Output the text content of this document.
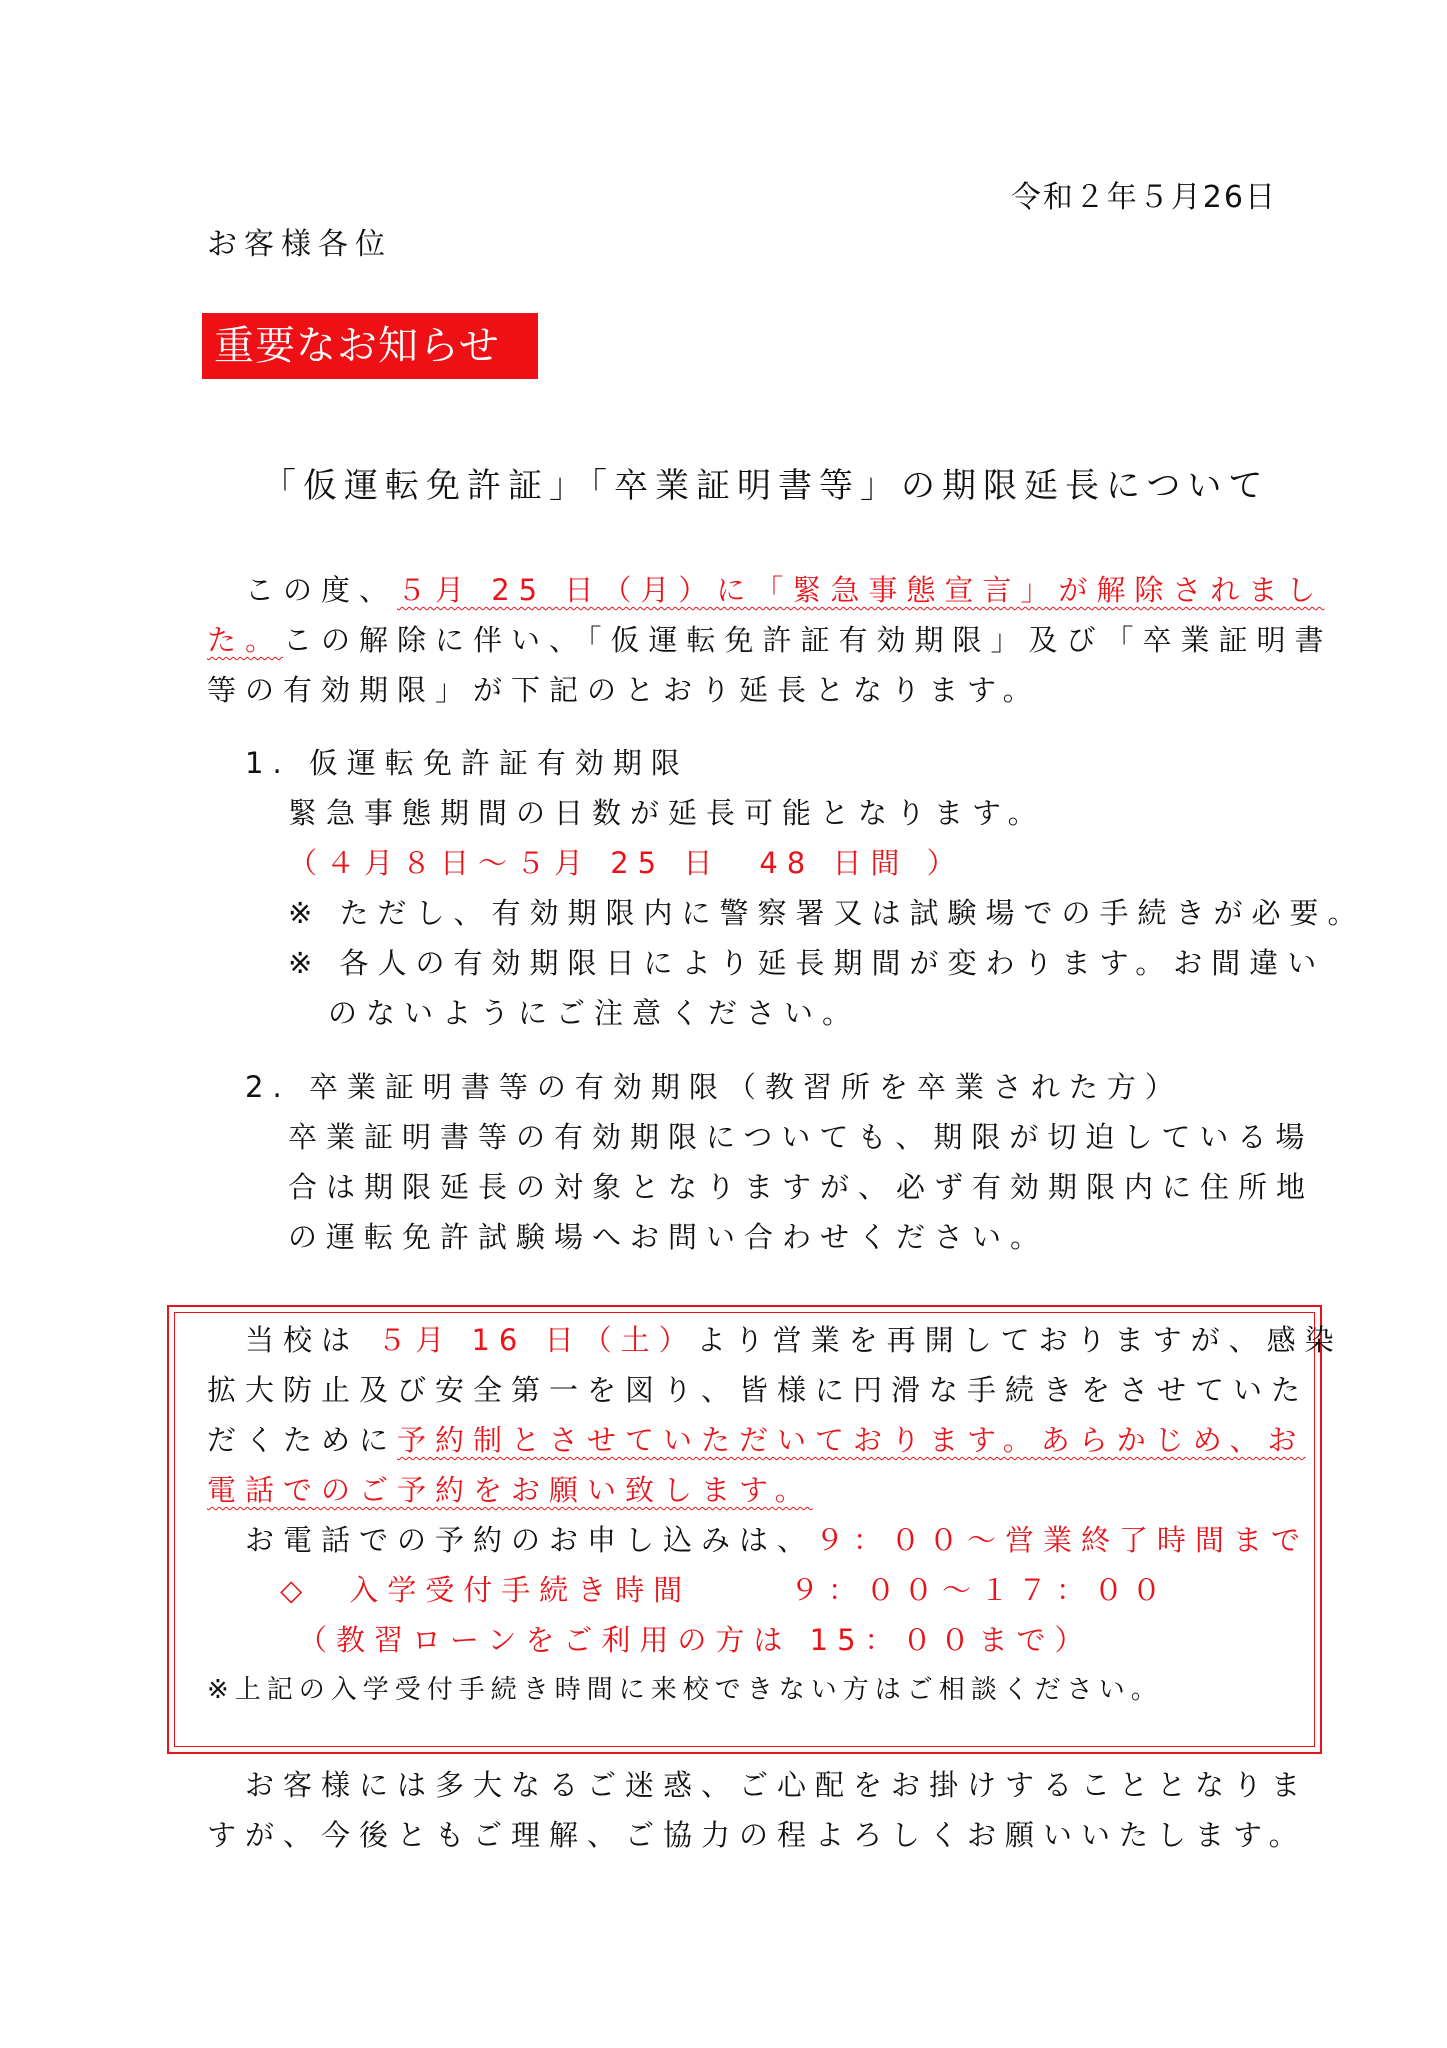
令和２年５月26日
お客様各位
重要なお知らせ
「仮運転免許証」「卒業証明書等」の期限延長について
この度、５月 25 日（月）に「緊急事態宣言」が解除されまし
た。この解除に伴い、「仮運転免許証有効期限」及び「卒業証明書
等の有効期限」が下記のとおり延長となります。
1. 仮運転免許証有効期限
緊急事態期間の日数が延長可能となります。
（４月８日～５月 25 日　48 日間 ）
※ ただし、有効期限内に警察署又は試験場での手続きが必要。
※ 各人の有効期限日により延長期間が変わります。お間違い
のないようにご注意ください。
2. 卒業証明書等の有効期限（教習所を卒業された方）
卒業証明書等の有効期限についても、期限が切迫している場
合は期限延長の対象となりますが、必ず有効期限内に住所地
の運転免許試験場へお問い合わせください。
当校は ５月 16 日（土）より営業を再開しておりますが、感染
拡大防止及び安全第一を図り、皆様に円滑な手続きをさせていた
だくために予約制とさせていただいております。あらかじめ、お
電話でのご予約をお願い致します。
お電話での予約のお申し込みは、９：００～営業終了時間まで
◇　入学受付手続き時間	９：００～１７：００
（教習ローンをご利用の方は 15：００まで）
※上記の入学受付手続き時間に来校できない方はご相談ください。
お客様には多大なるご迷惑、ご心配をお掛けすることとなりま
すが、今後ともご理解、ご協力の程よろしくお願いいたします。
